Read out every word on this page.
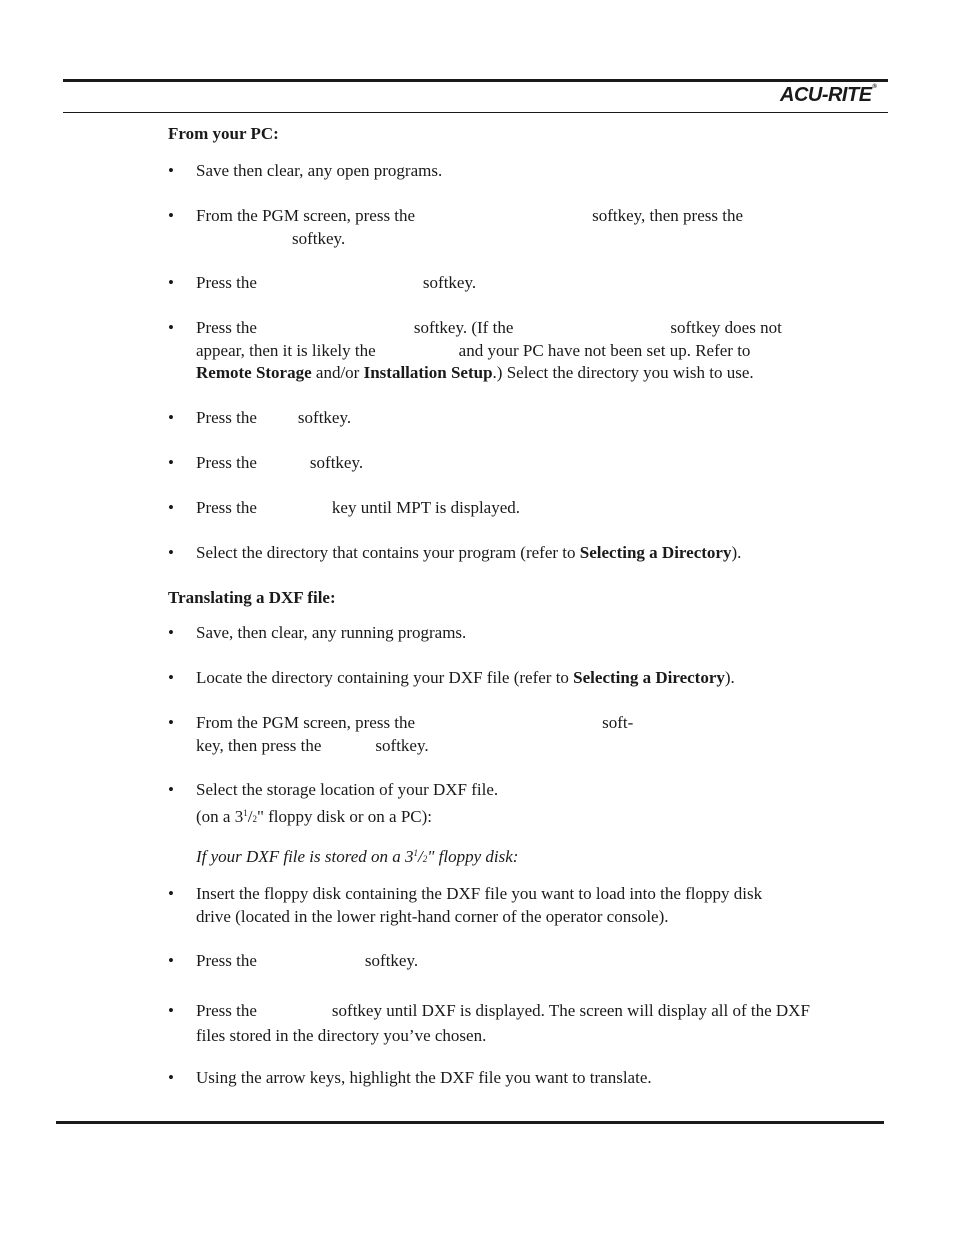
ACU-RITE®
From your PC:
• Save then clear, any open programs.
• From the PGM screen, press the	softkey, then press the
softkey.
• Press the	softkey.
• Press the	softkey. (If the	softkey does not
appear, then it is likely the	and your PC have not been set up. Refer to
Remote Storage and/or Installation Setup.) Select the directory you wish to use.
• Press the softkey.
• Press the	softkey.
• Press the	key until MPT is displayed.
• Select the directory that contains your program (refer to Selecting a Directory).
Translating a DXF file:
• Save, then clear, any running programs.
• Locate the directory containing your DXF file (refer to Selecting a Directory).
• From the PGM screen, press the	soft-
key, then press the	softkey.
• Select the storage location of your DXF file.
(on a $3^1/2$" floppy disk or on a PC):
If your DXF file is stored on a $3^1/2$" floppy disk:
• Insert the floppy disk containing the DXF file you want to load into the floppy disk drive (located in the lower right-hand corner of the operator console).
• Press the	softkey.
• Press the	softkey until DXF is displayed. The screen will display all of the DXF files stored in the directory you’ve chosen.
• Using the arrow keys, highlight the DXF file you want to translate.
